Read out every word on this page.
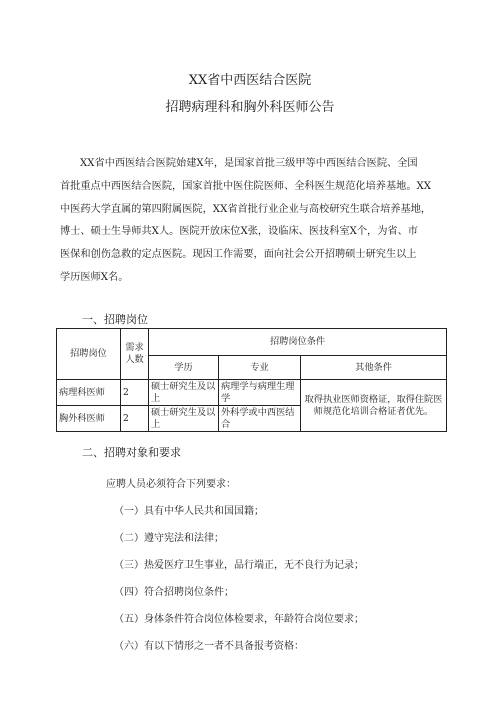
XX省中西医结合医院
招聘病理科和胸外科医师公告
XX省中西医结合医院始建X年，是国家首批三级甲等中西医结合医院、全国
首批重点中西医结合医院，国家首批中医住院医师、全科医生规范化培养基地。XX
中医药大学直属的第四附属医院，XX省首批行业企业与高校研究生联合培养基地，
博士、硕士生导师共X人。医院开放床位X张，设临床、医技科室X个，为省、市
医保和创伤急救的定点医院。现因工作需要，面向社会公开招聘硕士研究生以上
学历医师X名。
一、招聘岗位
招聘岗位	需求人数	招聘岗位条件		
		学历	专业	其他条件
病理科医师	2	硕士研究生及以上	病理学与病理生理学	取得执业医师资格证，取得住院医师规范化培训合格证者优先。
胸外科医师	2	硕士研究生及以上	外科学或中西医结合	
二、招聘对象和要求
应聘人员必须符合下列要求：
（一）具有中华人民共和国国籍；
（二）遵守宪法和法律；
（三）热爱医疗卫生事业，品行端正，无不良行为记录；
（四）符合招聘岗位条件；
（五）身体条件符合岗位体检要求，年龄符合岗位要求；
（六）有以下情形之一者不具备报考资格：
